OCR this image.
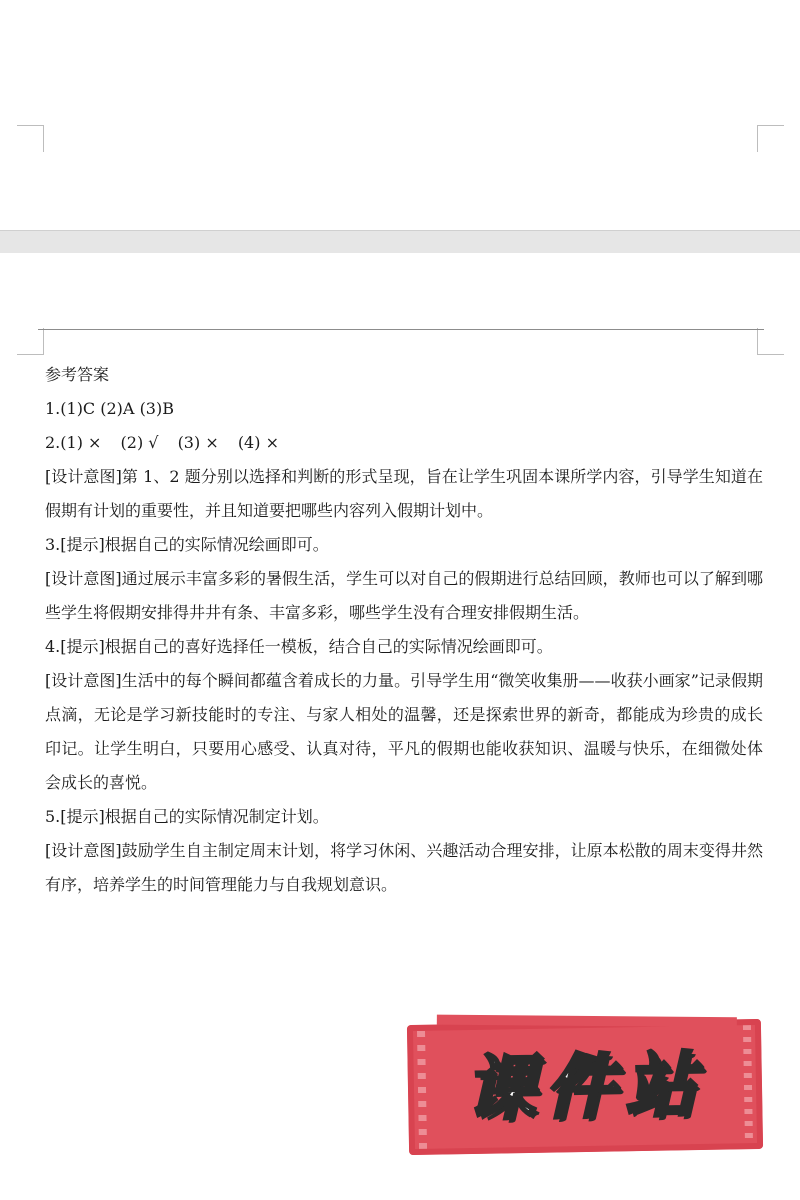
参考答案

1.(1)C (2)A (3)B

2.(1) × (2) √ (3) × (4) ×

[设计意图]第 1、2 题分别以选择和判断的形式呈现，旨在让学生巩固本课所学内容，引导学生知道在假期有计划的重要性，并且知道要把哪些内容列入假期计划中。

3.[提示]根据自己的实际情况绘画即可。

[设计意图]通过展示丰富多彩的暑假生活，学生可以对自己的假期进行总结回顾，教师也可以了解到哪些学生将假期安排得井井有条、丰富多彩，哪些学生没有合理安排假期生活。

4.[提示]根据自己的喜好选择任一模板，结合自己的实际情况绘画即可。

[设计意图]生活中的每个瞬间都蕴含着成长的力量。引导学生用“微笑收集册——收获小画家”记录假期点滴，无论是学习新技能时的专注、与家人相处的温馨，还是探索世界的新奇，都能成为珍贵的成长印记。让学生明白，只要用心感受、认真对待，平凡的假期也能收获知识、温暖与快乐，在细微处体会成长的喜悦。

5.[提示]根据自己的实际情况制定计划。

[设计意图]鼓励学生自主制定周末计划，将学习休闲、兴趣活动合理安排，让原本松散的周末变得井然有序，培养学生的时间管理能力与自我规划意识。

课件站
